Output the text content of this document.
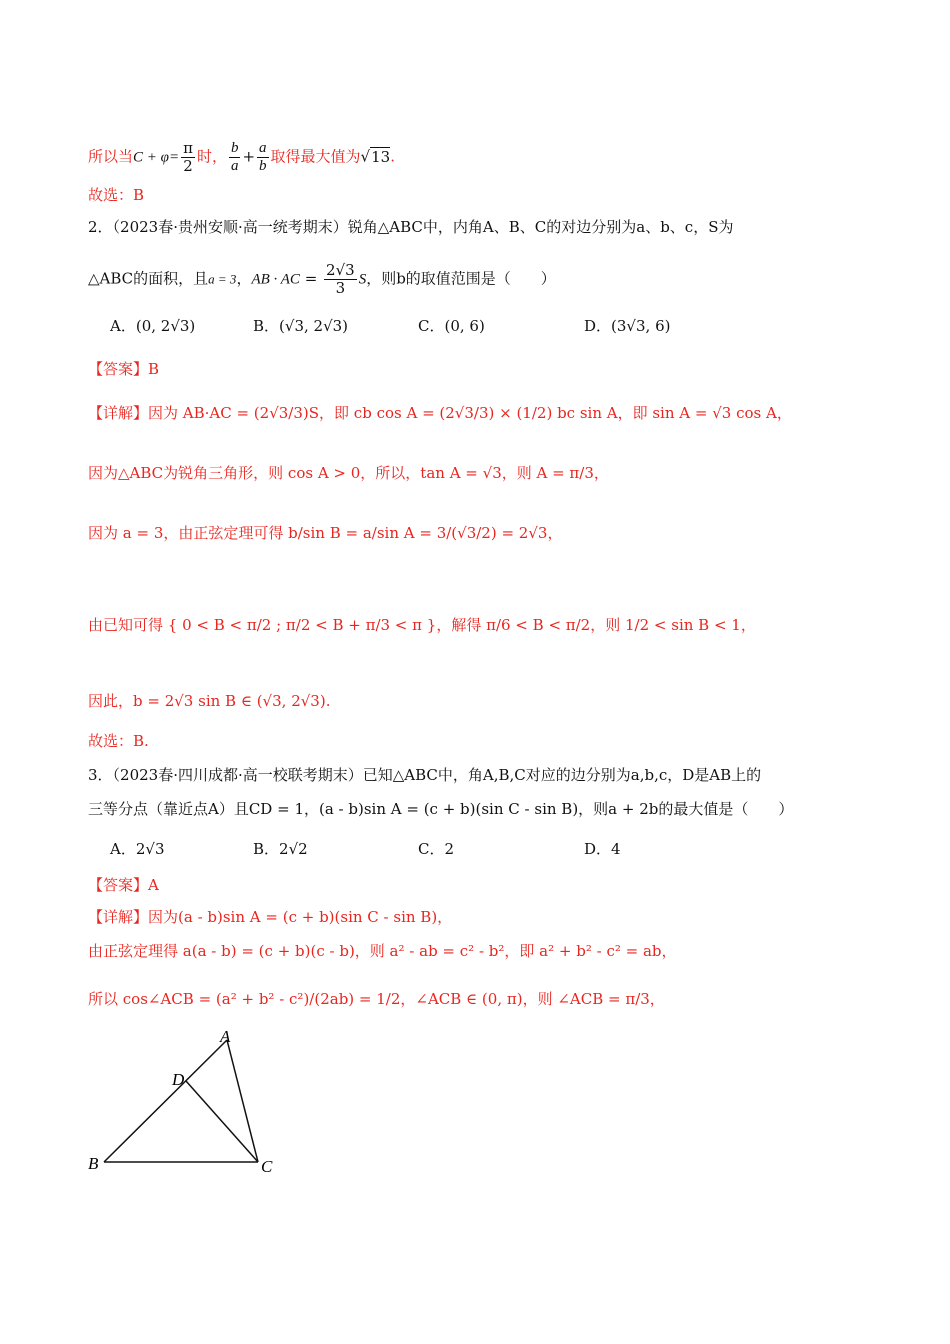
所以当$C + \varphi= \frac{\pi}{2}$ 时， $\frac{b}{a} + \frac{a}{b}$ 取得最大值为√13.
故选：B
2．（2023春·贵州安顺·高一统考期末）锐角△ABC中，内角A、B、C的对边分别为a、b、c，S为
△ABC的面积，且a = 3，AB · AC = $\frac{2√3}{3}$ S，则b的取值范围是（　　）
A．(0, 2√3)	B．(√3, 2√3)	C．(0, 6)	D．(3√3, 6)
【答案】B
【详解】因为 AB·AC = (2√3/3)S，即 cb cos A = (2√3/3) × (1/2) bc sin A，即 sin A = √3 cos A，
因为△ABC为锐角三角形，则 cos A > 0，所以，tan A = √3，则 A = π/3，
因为 a = 3，由正弦定理可得 b/sin B = a/sin A = 3/(√3/2) = 2√3，
由已知可得 { 0 < B < π/2 ; π/2 < B + π/3 < π }，解得 π/6 < B < π/2，则 1/2 < sin B < 1，
因此，b = 2√3 sin B ∈ (√3, 2√3).
故选：B.
3．（2023春·四川成都·高一校联考期末）已知△ABC中，角A,B,C对应的边分别为a,b,c，D是AB上的
三等分点（靠近点A）且CD = 1，(a - b)sin A = (c + b)(sin C - sin B)，则a + 2b的最大值是（　　）
A．2√3	B．2√2	C．2	D．4
【答案】A
【详解】因为(a - b)sin A = (c + b)(sin C - sin B)，
由正弦定理得 a(a - b) = (c + b)(c - b)，则 a² - ab = c² - b²，即 a² + b² - c² = ab，
所以 cos∠ACB = (a² + b² - c²)/(2ab) = 1/2，∠ACB ∈ (0, π)，则 ∠ACB = π/3，
A
B	C
D
